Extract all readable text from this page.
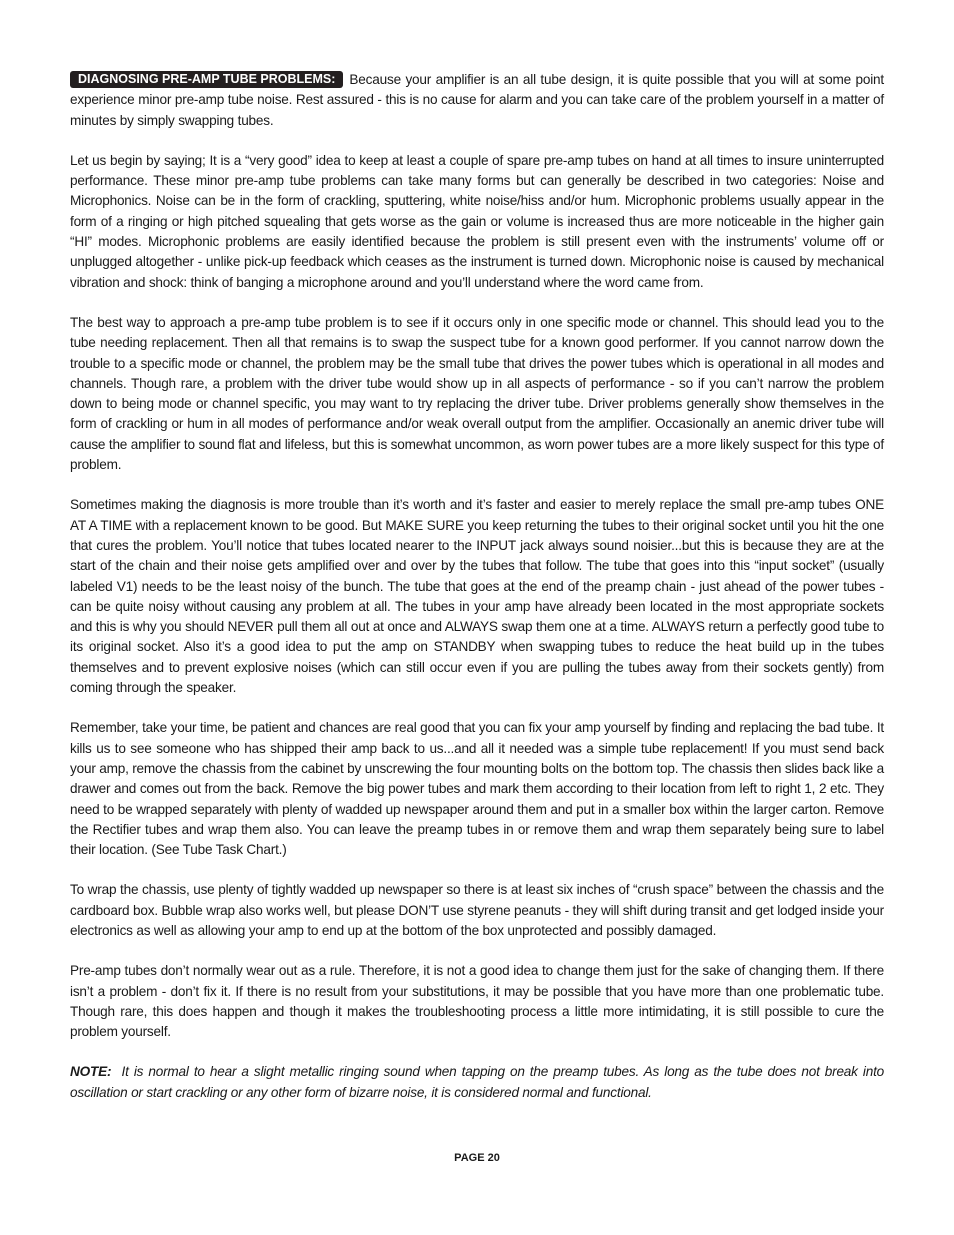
DIAGNOSING PRE-AMP TUBE PROBLEMS: Because your amplifier is an all tube design, it is quite possible that you will at some point experience minor pre-amp tube noise. Rest assured - this is no cause for alarm and you can take care of the problem yourself in a matter of minutes by simply swapping tubes.

Let us begin by saying; It is a “very good” idea to keep at least a couple of spare pre-amp tubes on hand at all times to insure uninterrupted performance. These minor pre-amp tube problems can take many forms but can generally be described in two categories: Noise and Microphonics. Noise can be in the form of crackling, sputtering, white noise/hiss and/or hum. Microphonic problems usually appear in the form of a ringing or high pitched squealing that gets worse as the gain or volume is increased thus are more noticeable in the higher gain “HI” modes. Microphonic problems are easily identified because the problem is still present even with the instruments’ volume off or unplugged altogether - unlike pick-up feedback which ceases as the instrument is turned down. Microphonic noise is caused by mechanical vibration and shock: think of banging a microphone around and you’ll understand where the word came from.

The best way to approach a pre-amp tube problem is to see if it occurs only in one specific mode or channel. This should lead you to the tube needing replacement. Then all that remains is to swap the suspect tube for a known good performer. If you cannot narrow down the trouble to a specific mode or channel, the problem may be the small tube that drives the power tubes which is operational in all modes and channels. Though rare, a problem with the driver tube would show up in all aspects of performance - so if you can’t narrow the problem down to being mode or channel specific, you may want to try replacing the driver tube. Driver problems generally show themselves in the form of crackling or hum in all modes of performance and/or weak overall output from the amplifier. Occasionally an anemic driver tube will cause the amplifier to sound flat and lifeless, but this is somewhat uncommon, as worn power tubes are a more likely suspect for this type of problem.

Sometimes making the diagnosis is more trouble than it’s worth and it’s faster and easier to merely replace the small pre-amp tubes ONE AT A TIME with a replacement known to be good. But MAKE SURE you keep returning the tubes to their original socket until you hit the one that cures the problem. You’ll notice that tubes located nearer to the INPUT jack always sound noisier...but this is because they are at the start of the chain and their noise gets amplified over and over by the tubes that follow. The tube that goes into this “input socket” (usually labeled V1) needs to be the least noisy of the bunch. The tube that goes at the end of the preamp chain - just ahead of the power tubes - can be quite noisy without causing any problem at all. The tubes in your amp have already been located in the most appropriate sockets and this is why you should NEVER pull them all out at once and ALWAYS swap them one at a time. ALWAYS return a perfectly good tube to its original socket. Also it’s a good idea to put the amp on STANDBY when swapping tubes to reduce the heat build up in the tubes themselves and to prevent explosive noises (which can still occur even if you are pulling the tubes away from their sockets gently) from coming through the speaker.

Remember, take your time, be patient and chances are real good that you can fix your amp yourself by finding and replacing the bad tube. It kills us to see someone who has shipped their amp back to us...and all it needed was a simple tube replacement! If you must send back your amp, remove the chassis from the cabinet by unscrewing the four mounting bolts on the bottom top. The chassis then slides back like a drawer and comes out from the back. Remove the big power tubes and mark them according to their location from left to right 1, 2 etc. They need to be wrapped separately with plenty of wadded up newspaper around them and put in a smaller box within the larger carton. Remove the Rectifier tubes and wrap them also. You can leave the preamp tubes in or remove them and wrap them separately being sure to label their location. (See Tube Task Chart.)

To wrap the chassis, use plenty of tightly wadded up newspaper so there is at least six inches of “crush space” between the chassis and the cardboard box. Bubble wrap also works well, but please DON’T use styrene peanuts - they will shift during transit and get lodged inside your electronics as well as allowing your amp to end up at the bottom of the box unprotected and possibly damaged.

Pre-amp tubes don’t normally wear out as a rule. Therefore, it is not a good idea to change them just for the sake of changing them. If there isn’t a problem - don’t fix it. If there is no result from your substitutions, it may be possible that you have more than one problematic tube. Though rare, this does happen and though it makes the troubleshooting process a little more intimidating, it is still possible to cure the problem yourself.

NOTE: It is normal to hear a slight metallic ringing sound when tapping on the preamp tubes. As long as the tube does not break into oscillation or start crackling or any other form of bizarre noise, it is considered normal and functional.

PAGE 20
